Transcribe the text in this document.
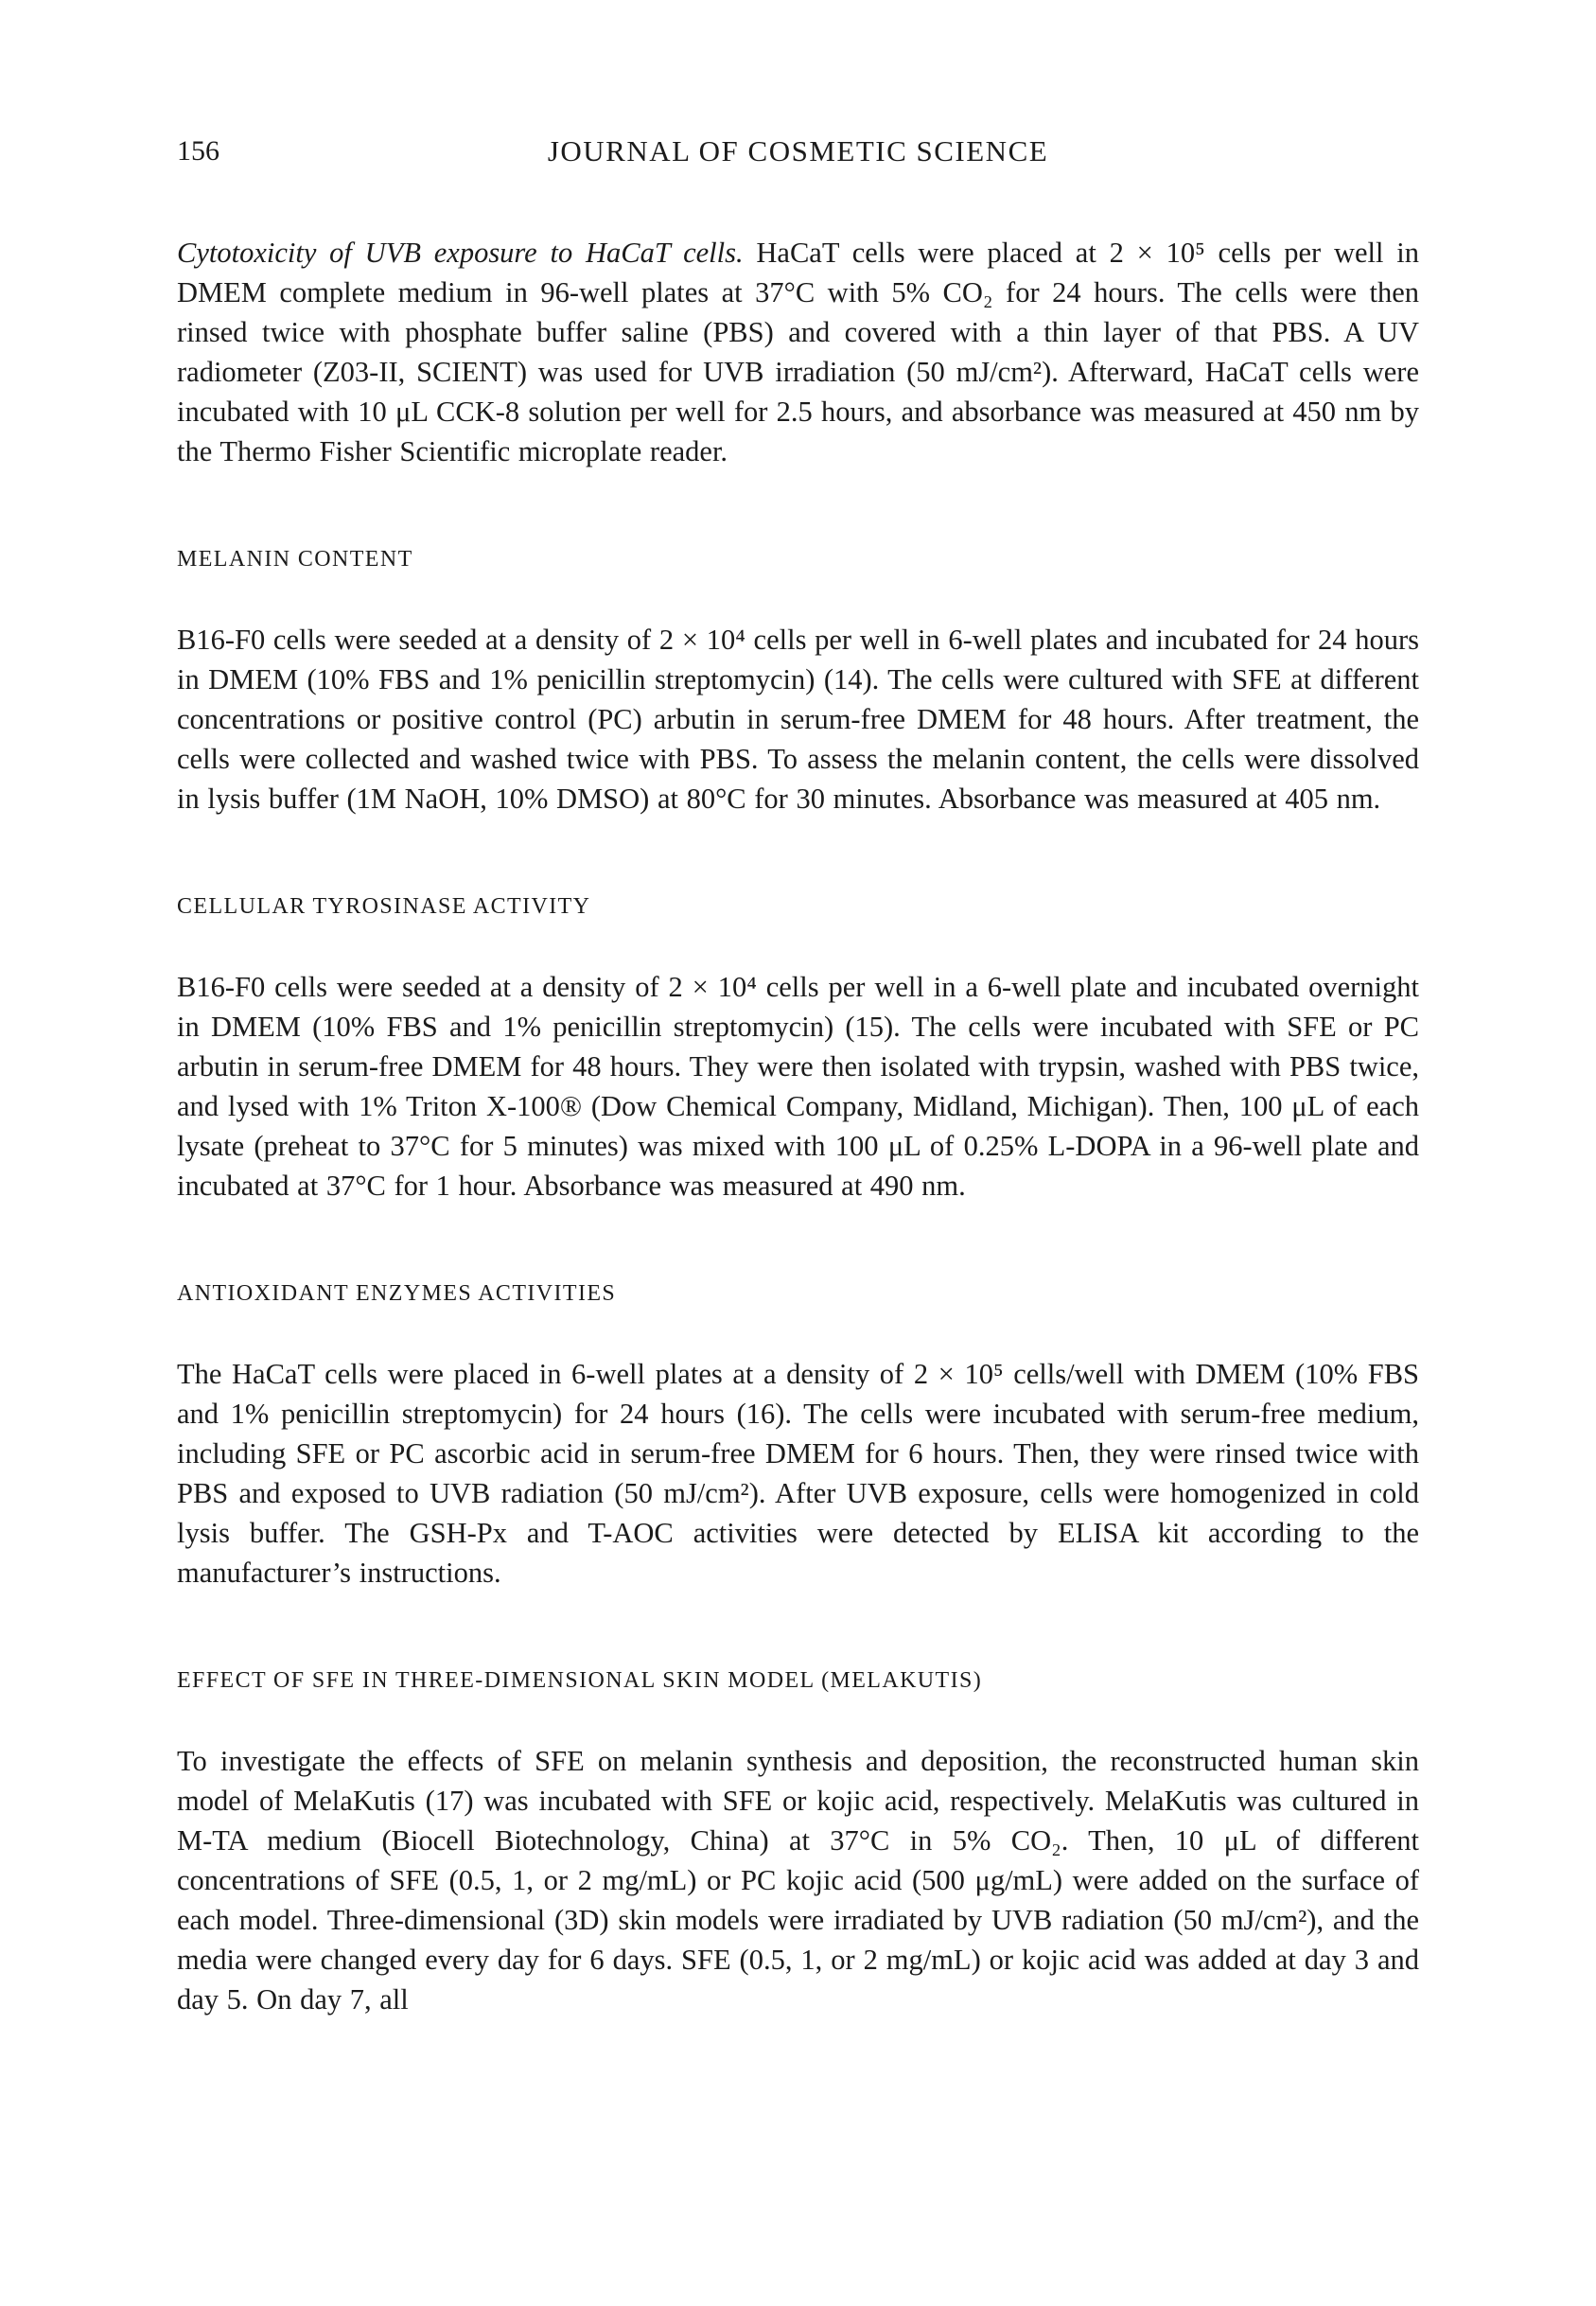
156	JOURNAL OF COSMETIC SCIENCE

Cytotoxicity of UVB exposure to HaCaT cells. HaCaT cells were placed at 2 × 10⁵ cells per well in DMEM complete medium in 96-well plates at 37°C with 5% CO₂ for 24 hours. The cells were then rinsed twice with phosphate buffer saline (PBS) and covered with a thin layer of that PBS. A UV radiometer (Z03-II, SCIENT) was used for UVB irradiation (50 mJ/cm²). Afterward, HaCaT cells were incubated with 10 μL CCK-8 solution per well for 2.5 hours, and absorbance was measured at 450 nm by the Thermo Fisher Scientific microplate reader.

MELANIN CONTENT

B16-F0 cells were seeded at a density of 2 × 10⁴ cells per well in 6-well plates and incubated for 24 hours in DMEM (10% FBS and 1% penicillin streptomycin) (14). The cells were cultured with SFE at different concentrations or positive control (PC) arbutin in serum-free DMEM for 48 hours. After treatment, the cells were collected and washed twice with PBS. To assess the melanin content, the cells were dissolved in lysis buffer (1M NaOH, 10% DMSO) at 80°C for 30 minutes. Absorbance was measured at 405 nm.

CELLULAR TYROSINASE ACTIVITY

B16-F0 cells were seeded at a density of 2 × 10⁴ cells per well in a 6-well plate and incubated overnight in DMEM (10% FBS and 1% penicillin streptomycin) (15). The cells were incubated with SFE or PC arbutin in serum-free DMEM for 48 hours. They were then isolated with trypsin, washed with PBS twice, and lysed with 1% Triton X-100® (Dow Chemical Company, Midland, Michigan). Then, 100 μL of each lysate (preheat to 37°C for 5 minutes) was mixed with 100 μL of 0.25% L-DOPA in a 96-well plate and incubated at 37°C for 1 hour. Absorbance was measured at 490 nm.

ANTIOXIDANT ENZYMES ACTIVITIES

The HaCaT cells were placed in 6-well plates at a density of 2 × 10⁵ cells/well with DMEM (10% FBS and 1% penicillin streptomycin) for 24 hours (16). The cells were incubated with serum-free medium, including SFE or PC ascorbic acid in serum-free DMEM for 6 hours. Then, they were rinsed twice with PBS and exposed to UVB radiation (50 mJ/cm²). After UVB exposure, cells were homogenized in cold lysis buffer. The GSH-Px and T-AOC activities were detected by ELISA kit according to the manufacturer’s instructions.

EFFECT OF SFE IN THREE-DIMENSIONAL SKIN MODEL (MELAKUTIS)

To investigate the effects of SFE on melanin synthesis and deposition, the reconstructed human skin model of MelaKutis (17) was incubated with SFE or kojic acid, respectively. MelaKutis was cultured in M-TA medium (Biocell Biotechnology, China) at 37°C in 5% CO₂. Then, 10 μL of different concentrations of SFE (0.5, 1, or 2 mg/mL) or PC kojic acid (500 μg/mL) were added on the surface of each model. Three-dimensional (3D) skin models were irradiated by UVB radiation (50 mJ/cm²), and the media were changed every day for 6 days. SFE (0.5, 1, or 2 mg/mL) or kojic acid was added at day 3 and day 5. On day 7, all
